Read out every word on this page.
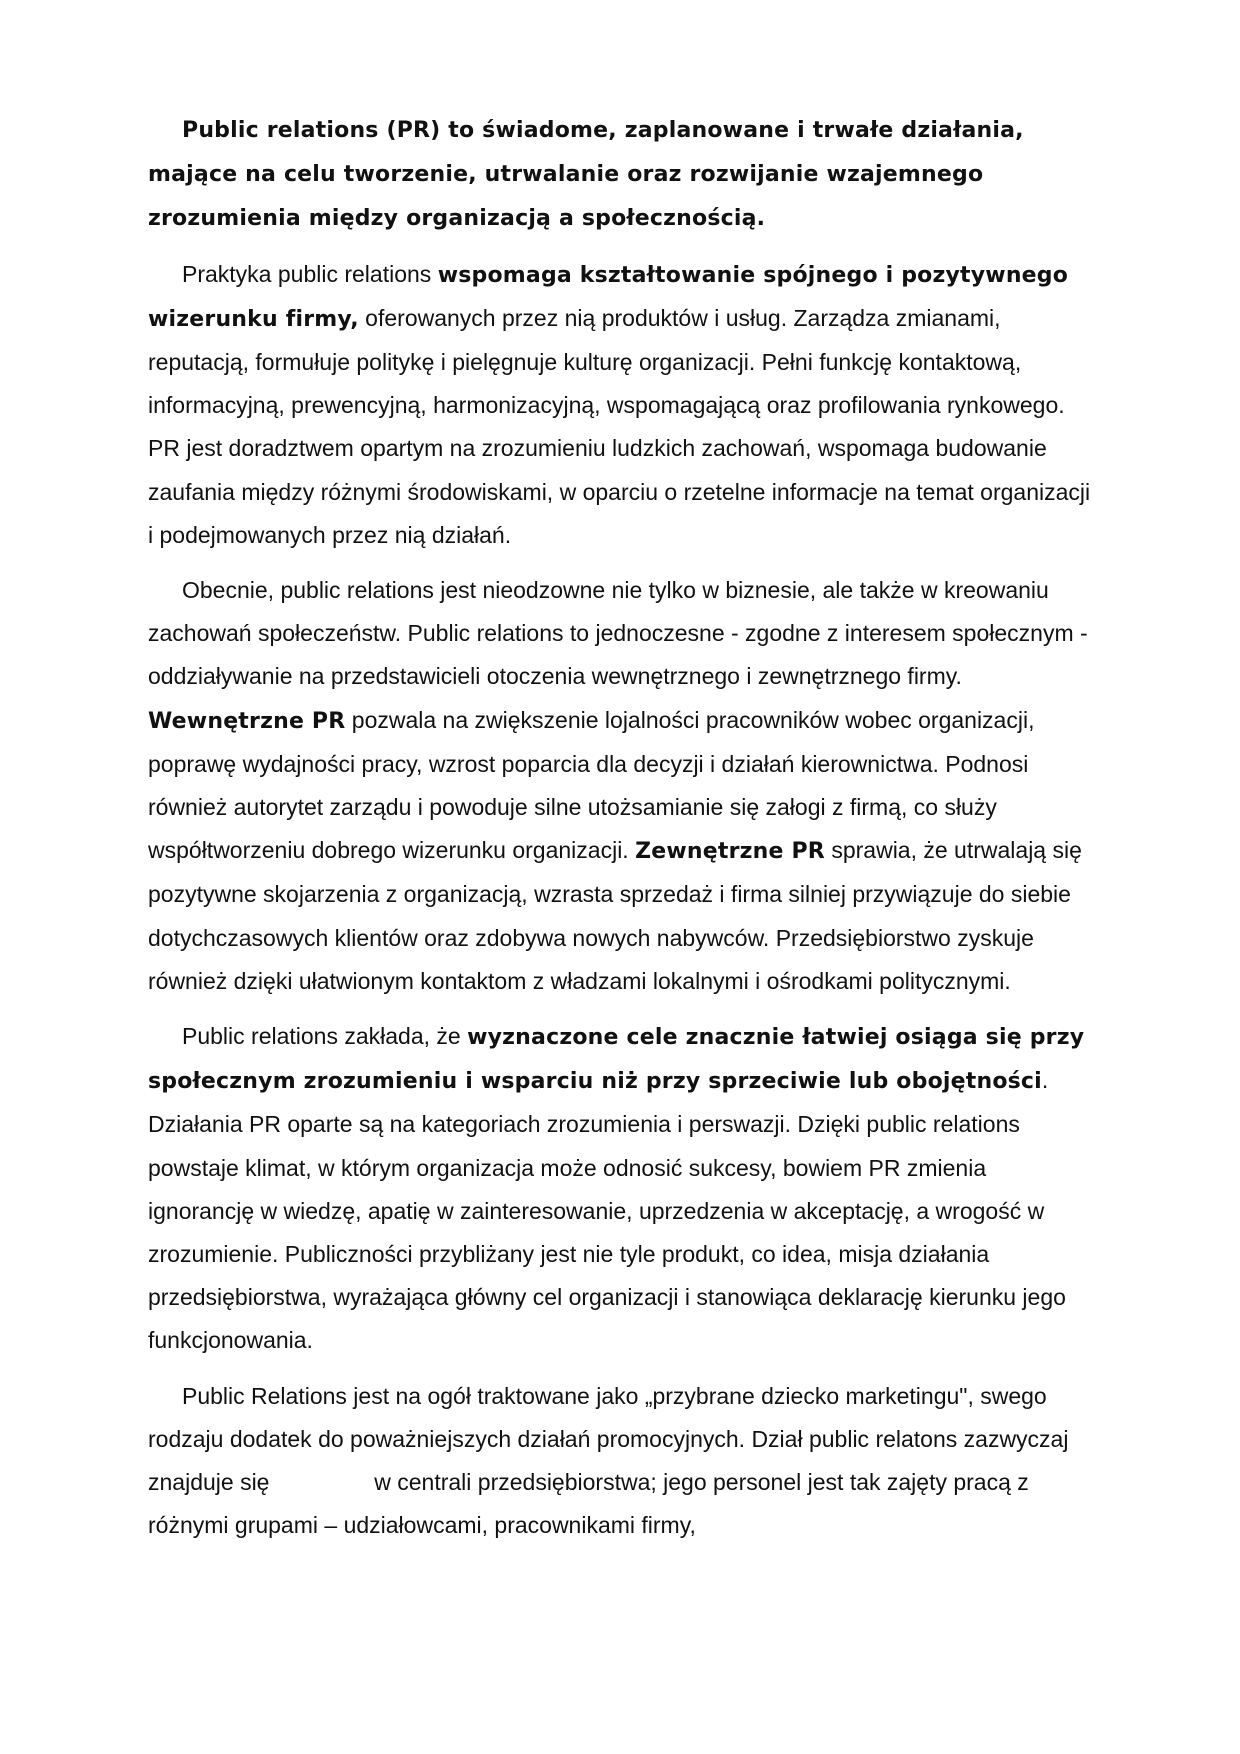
Public relations (PR) to świadome, zaplanowane i trwałe działania, mające na celu tworzenie, utrwalanie oraz rozwijanie wzajemnego zrozumienia między organizacją a społecznością.

Praktyka public relations wspomaga kształtowanie spójnego i pozytywnego wizerunku firmy, oferowanych przez nią produktów i usług. Zarządza zmianami, reputacją, formułuje politykę i pielęgnuje kulturę organizacji. Pełni funkcję kontaktową, informacyjną, prewencyjną, harmonizacyjną, wspomagającą oraz profilowania rynkowego. PR jest doradztwem opartym na zrozumieniu ludzkich zachowań, wspomaga budowanie zaufania między różnymi środowiskami, w oparciu o rzetelne informacje na temat organizacji i podejmowanych przez nią działań.

Obecnie, public relations jest nieodzowne nie tylko w biznesie, ale także w kreowaniu zachowań społeczeństw. Public relations to jednoczesne - zgodne z interesem społecznym - oddziaływanie na przedstawicieli otoczenia wewnętrznego i zewnętrznego firmy. Wewnętrzne PR pozwala na zwiększenie lojalności pracowników wobec organizacji, poprawę wydajności pracy, wzrost poparcia dla decyzji i działań kierownictwa. Podnosi również autorytet zarządu i powoduje silne utożsamianie się załogi z firmą, co służy współtworzeniu dobrego wizerunku organizacji. Zewnętrzne PR sprawia, że utrwalają się pozytywne skojarzenia z organizacją, wzrasta sprzedaż i firma silniej przywiązuje do siebie dotychczasowych klientów oraz zdobywa nowych nabywców. Przedsiębiorstwo zyskuje również dzięki ułatwionym kontaktom z władzami lokalnymi i ośrodkami politycznymi.

Public relations zakłada, że wyznaczone cele znacznie łatwiej osiąga się przy społecznym zrozumieniu i wsparciu niż przy sprzeciwie lub obojętności. Działania PR oparte są na kategoriach zrozumienia i perswazji. Dzięki public relations powstaje klimat, w którym organizacja może odnosić sukcesy, bowiem PR zmienia ignorancję w wiedzę, apatię w zainteresowanie, uprzedzenia w akceptację, a wrogość w zrozumienie. Publiczności przybliżany jest nie tyle produkt, co idea, misja działania przedsiębiorstwa, wyrażająca główny cel organizacji i stanowiąca deklarację kierunku jego funkcjonowania.

Public Relations jest na ogół traktowane jako „przybrane dziecko marketingu", swego rodzaju dodatek do poważniejszych działań promocyjnych. Dział public relatons zazwyczaj znajduje się	w centrali przedsiębiorstwa; jego personel jest tak zajęty pracą z różnymi grupami – udziałowcami, pracownikami firmy,
